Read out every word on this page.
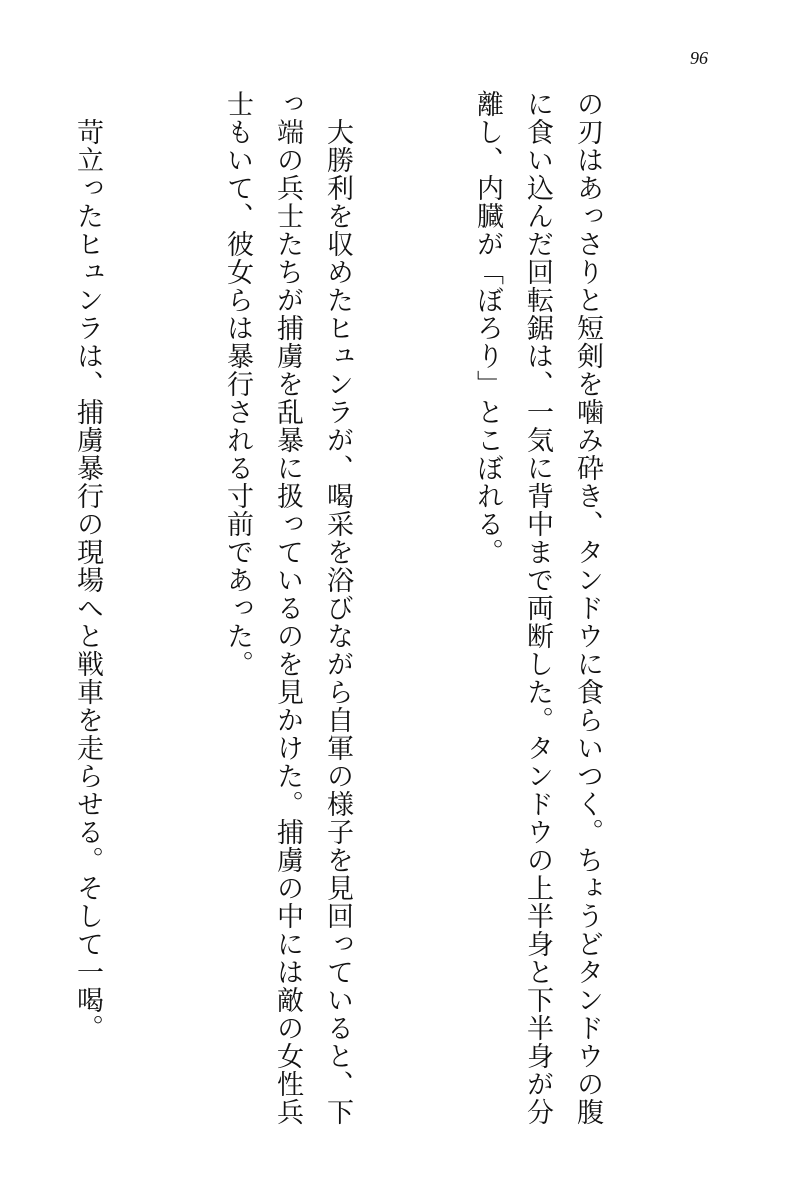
96

の刃はあっさりと短剣を噛み砕き、タンドウに食らいつく。ちょうどタンドウの腹に食い込んだ回転鋸は、一気に背中まで両断した。タンドウの上半身と下半身が分離し、内臓が「ぼろり」とこぼれる。

　大勝利を収めたヒュンラが、喝采を浴びながら自軍の様子を見回っていると、下っ端の兵士たちが捕虜を乱暴に扱っているのを見かけた。捕虜の中には敵の女性兵士もいて、彼女らは暴行される寸前であった。

　苛立ったヒュンラは、捕虜暴行の現場へと戦車を走らせる。そして一喝。
